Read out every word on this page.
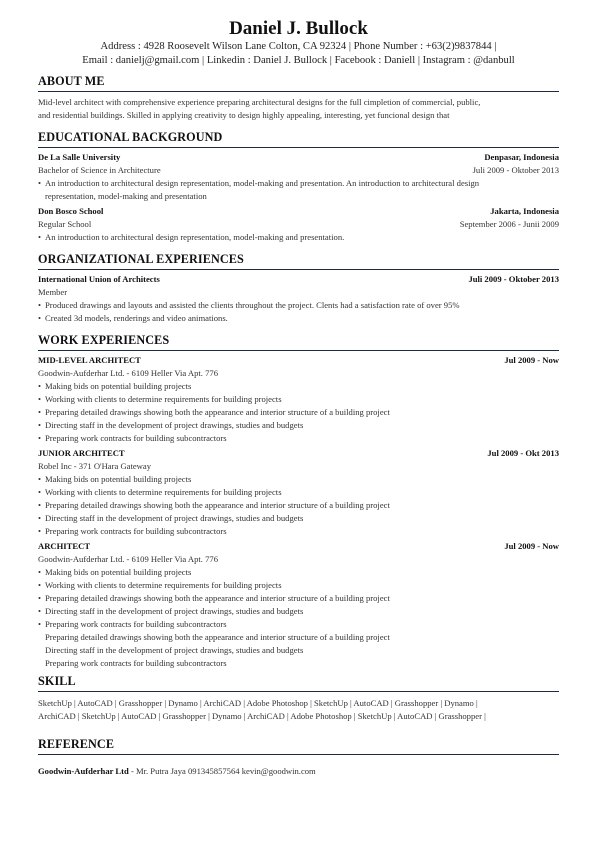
Daniel J. Bullock
Address : 4928 Roosevelt Wilson Lane Colton, CA 92324 | Phone Number : +63(2)9837844 |
Email : danielj@gmail.com | Linkedin : Daniel J. Bullock | Facebook : Daniell | Instagram : @danbull
ABOUT ME
Mid-level architect with comprehensive experience preparing architectural designs for the full cimpletion of commercial, public,
and residential buildings. Skilled in applying creativity to design highly appealing, interesting, yet funcional design that
EDUCATIONAL BACKGROUND
De La Salle University	Denpasar, Indonesia
Bachelor of Science in Architecture	Juli 2009 - Oktober 2013
• An introduction to architectural design representation, model-making and presentation. An introduction to architectural design
representation, model-making and presentation
Don Bosco School	Jakarta, Indonesia
Regular School	September 2006 - Junii 2009
• An introduction to architectural design representation, model-making and presentation.
ORGANIZATIONAL EXPERIENCES
International Union of Architects	Juli 2009 - Oktober 2013
Member
• Produced drawings and layouts and assisted the clients throughout the project. Clents had a satisfaction rate of over 95%
• Created 3d models, renderings and video animations.
WORK EXPERIENCES
MID-LEVEL ARCHITECT	Jul 2009 - Now
Goodwin-Aufderhar Ltd. - 6109 Heller Via Apt. 776
• Making bids on potential building projects
• Working with clients to determine requirements for building projects
• Preparing detailed drawings showing both the appearance and interior structure of a building project
• Directing staff in the development of project drawings, studies and budgets
• Preparing work contracts for building subcontractors
JUNIOR ARCHITECT	Jul 2009 - Okt 2013
Robel Inc - 371 O'Hara Gateway
• Making bids on potential building projects
• Working with clients to determine requirements for building projects
• Preparing detailed drawings showing both the appearance and interior structure of a building project
• Directing staff in the development of project drawings, studies and budgets
• Preparing work contracts for building subcontractors
ARCHITECT	Jul 2009 - Now
Goodwin-Aufderhar Ltd. - 6109 Heller Via Apt. 776
• Making bids on potential building projects
• Working with clients to determine requirements for building projects
• Preparing detailed drawings showing both the appearance and interior structure of a building project
• Directing staff in the development of project drawings, studies and budgets
• Preparing work contracts for building subcontractors
Preparing detailed drawings showing both the appearance and interior structure of a building project
Directing staff in the development of project drawings, studies and budgets
Preparing work contracts for building subcontractors
SKILL
SketchUp | AutoCAD | Grasshopper | Dynamo | ArchiCAD | Adobe Photoshop | SketchUp | AutoCAD | Grasshopper | Dynamo |
ArchiCAD | SketchUp | AutoCAD | Grasshopper | Dynamo | ArchiCAD | Adobe Photoshop | SketchUp | AutoCAD | Grasshopper |
REFERENCE
Goodwin-Aufderhar Ltd - Mr. Putra Jaya 091345857564 kevin@goodwin.com
